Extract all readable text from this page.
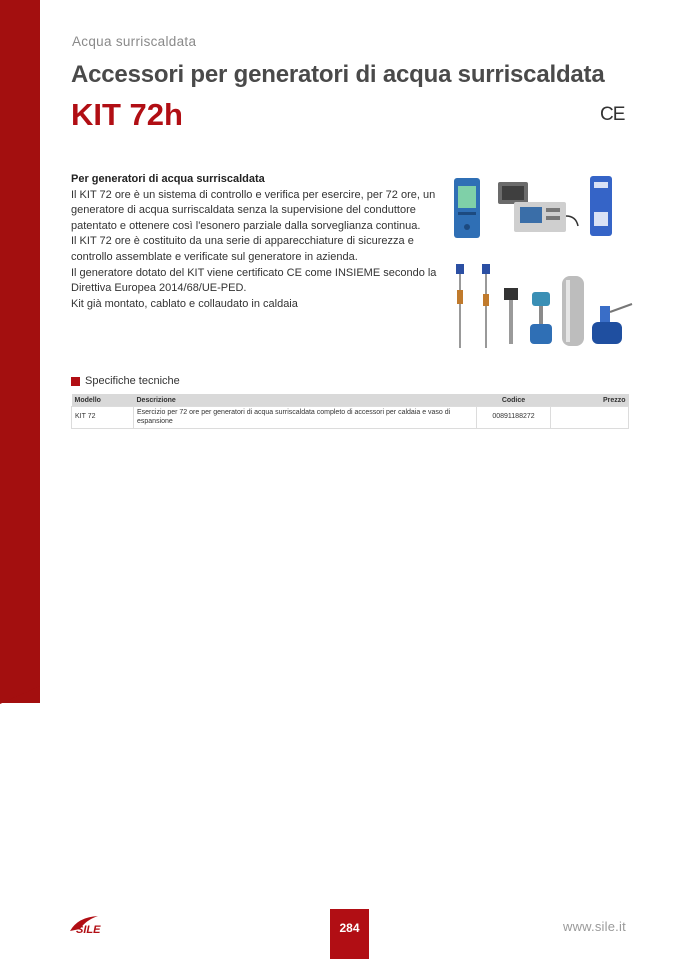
Acqua surriscaldata
Accessori per generatori di acqua surriscaldata
KIT 72h	CE

Per generatori di acqua surriscaldata

Il KIT 72 ore è un sistema di controllo e verifica per esercire, per 72 ore, un generatore di acqua surriscaldata senza la supervisione del conduttore patentato e ottenere così l'esonero parziale dalla sorveglianza continua.

Il KIT 72 ore è costituito da una serie di apparecchiature di sicurezza e controllo assemblate e verificate sul generatore in azienda.

Il generatore dotato del KIT viene certificato CE come INSIEME secondo la Direttiva Europea 2014/68/UE-PED.

Kit già montato, cablato e collaudato in caldaia

Specifiche tecniche
Modello	Descrizione	Codice	Prezzo
KIT 72	Esercizio per 72 ore per generatori di acqua surriscaldata completo di accessori per caldaia e vaso di espansione	00891188272	
SILE	284	www.sile.it
